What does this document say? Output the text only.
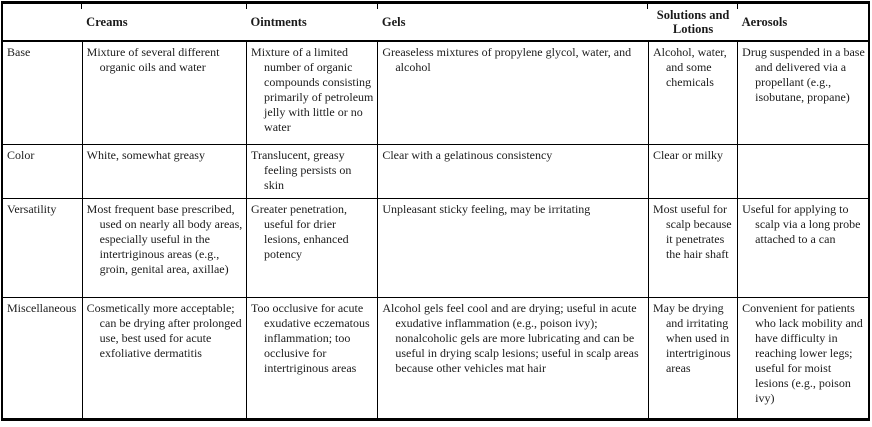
	Creams	Ointments	Gels	Solutions and Lotions	Aerosols
Base	Mixture of several different organic oils and water	Mixture of a limited number of organic compounds consisting primarily of petroleum jelly with little or no water	Greaseless mixtures of propylene glycol, water, and alcohol	Alcohol, water, and some chemicals	Drug suspended in a base and delivered via a propellant (e.g., isobutane, propane)

Color	White, somewhat greasy	Translucent, greasy feeling persists on skin	Clear with a gelatinous consistency	Clear or milky	

Versatility	Most frequent base prescribed, used on nearly all body areas, especially useful in the intertriginous areas (e.g., groin, genital area, axillae)	Greater penetration, useful for drier lesions, enhanced potency	Unpleasant sticky feeling, may be irritating	Most useful for scalp because it penetrates the hair shaft	Useful for applying to scalp via a long probe attached to a can

Miscellaneous	Cosmetically more acceptable; can be drying after prolonged use, best used for acute exfoliative dermatitis	Too occlusive for acute exudative eczematous inflammation; too occlusive for intertriginous areas	Alcohol gels feel cool and are drying; useful in acute exudative inflammation (e.g., poison ivy); nonalcoholic gels are more lubricating and can be useful in drying scalp lesions; useful in scalp areas because other vehicles mat hair	May be drying and irritating when used in intertriginous areas	Convenient for patients who lack mobility and have difficulty in reaching lower legs; useful for moist lesions (e.g., poison ivy)
